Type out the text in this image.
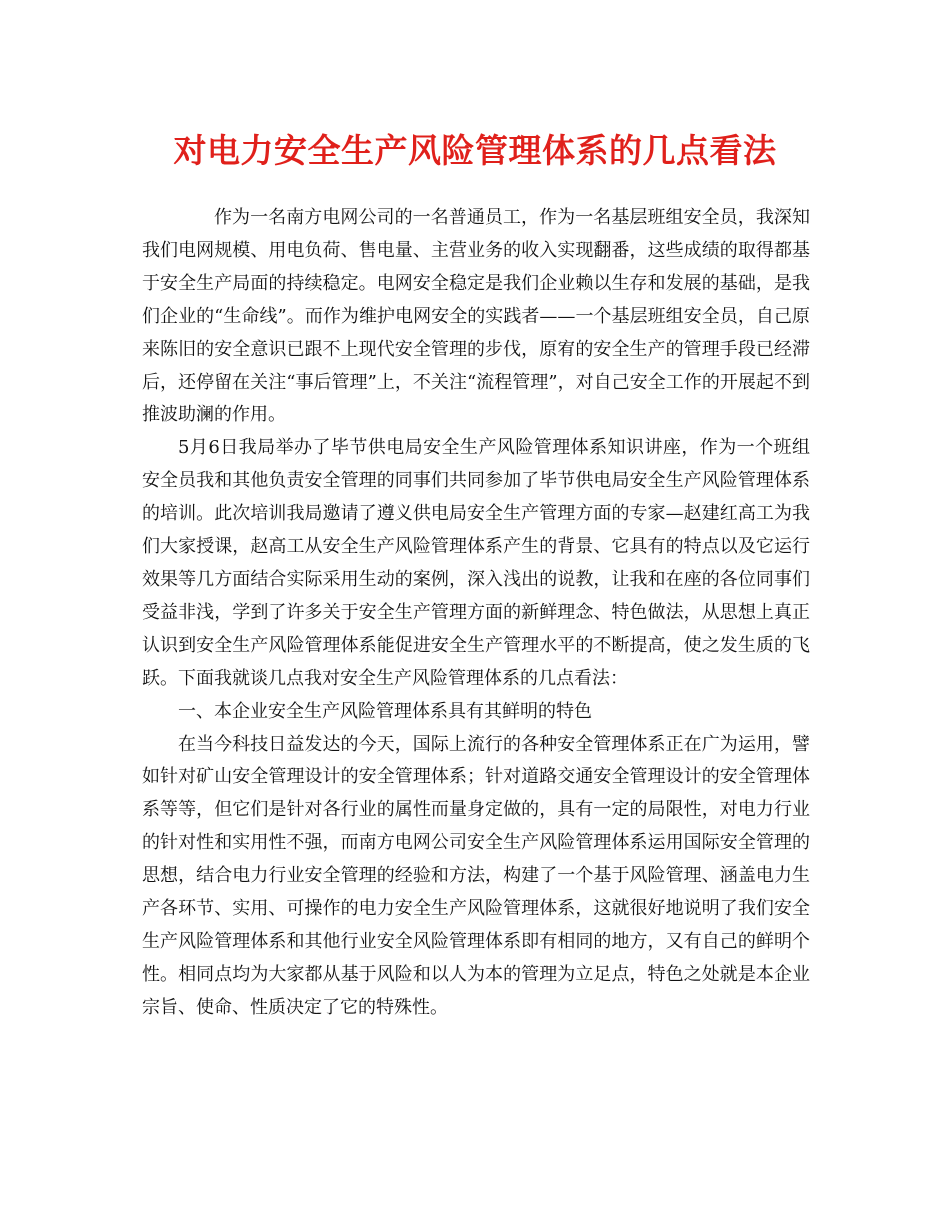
对电力安全生产风险管理体系的几点看法

作为一名南方电网公司的一名普通员工，作为一名基层班组安全员，我深知我们电网规模、用电负荷、售电量、主营业务的收入实现翻番，这些成绩的取得都基于安全生产局面的持续稳定。电网安全稳定是我们企业赖以生存和发展的基础，是我们企业的“生命线”。而作为维护电网安全的实践者——一个基层班组安全员，自己原来陈旧的安全意识已跟不上现代安全管理的步伐，原宥的安全生产的管理手段已经滞后，还停留在关注“事后管理”上，不关注“流程管理”，对自己安全工作的开展起不到推波助澜的作用。

5月6日我局举办了毕节供电局安全生产风险管理体系知识讲座，作为一个班组安全员我和其他负责安全管理的同事们共同参加了毕节供电局安全生产风险管理体系的培训。此次培训我局邀请了遵义供电局安全生产管理方面的专家—赵建红高工为我们大家授课，赵高工从安全生产风险管理体系产生的背景、它具有的特点以及它运行效果等几方面结合实际采用生动的案例，深入浅出的说教，让我和在座的各位同事们受益非浅，学到了许多关于安全生产管理方面的新鲜理念、特色做法，从思想上真正认识到安全生产风险管理体系能促进安全生产管理水平的不断提高，使之发生质的飞跃。下面我就谈几点我对安全生产风险管理体系的几点看法：

一、本企业安全生产风险管理体系具有其鲜明的特色

在当今科技日益发达的今天，国际上流行的各种安全管理体系正在广为运用，譬如针对矿山安全管理设计的安全管理体系；针对道路交通安全管理设计的安全管理体系等等，但它们是针对各行业的属性而量身定做的，具有一定的局限性，对电力行业的针对性和实用性不强，而南方电网公司安全生产风险管理体系运用国际安全管理的思想，结合电力行业安全管理的经验和方法，构建了一个基于风险管理、涵盖电力生产各环节、实用、可操作的电力安全生产风险管理体系，这就很好地说明了我们安全生产风险管理体系和其他行业安全风险管理体系即有相同的地方，又有自己的鲜明个性。相同点均为大家都从基于风险和以人为本的管理为立足点，特色之处就是本企业宗旨、使命、性质决定了它的特殊性。
